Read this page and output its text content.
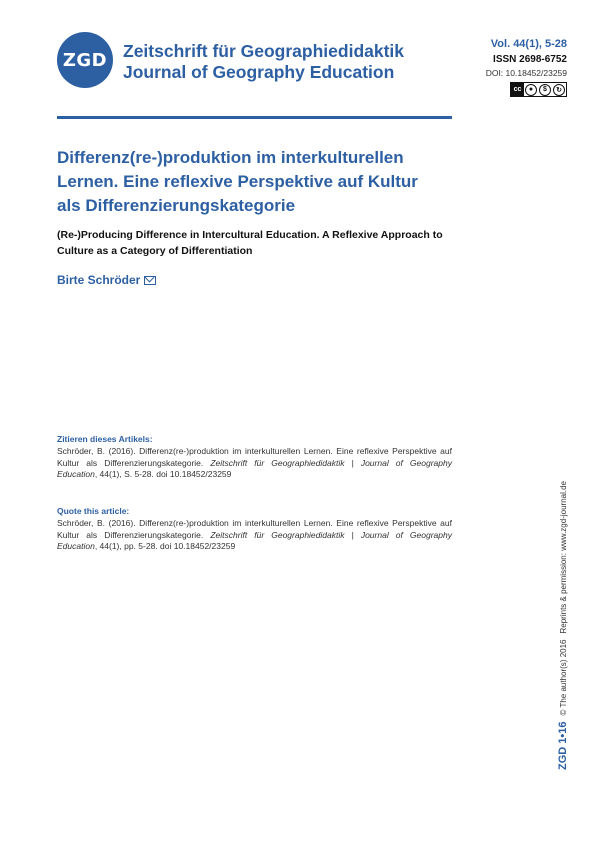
ZGD Zeitschrift für Geographiedidaktik
Journal of Geography Education
Vol. 44(1), 5-28
ISSN 2698-6752
DOI: 10.18452/23259
cc	●	$	↻
Differenz(re-)produktion im interkulturellen Lernen. Eine reflexive Perspektive auf Kultur als Differenzierungskategorie
(Re-)Producing Difference in Intercultural Education. A Reflexive Approach to Culture as a Category of Differentiation
Birte Schröder
Zitieren dieses Artikels:
Schröder, B. (2016). Differenz(re-)produktion im interkulturellen Lernen. Eine reflexive Perspektive auf Kultur als Differenzierungskategorie. Zeitschrift für Geographiedidaktik | Journal of Geography Education, 44(1), S. 5-28. doi 10.18452/23259
Quote this article:
Schröder, B. (2016). Differenz(re-)produktion im interkulturellen Lernen. Eine reflexive Perspektive auf Kultur als Differenzierungskategorie. Zeitschrift für Geographiedidaktik | Journal of Geography Education, 44(1), pp. 5-28. doi 10.18452/23259
ZGD 1•16
© The author(s) 2016
Reprints & permission: www.zgd-journal.de
